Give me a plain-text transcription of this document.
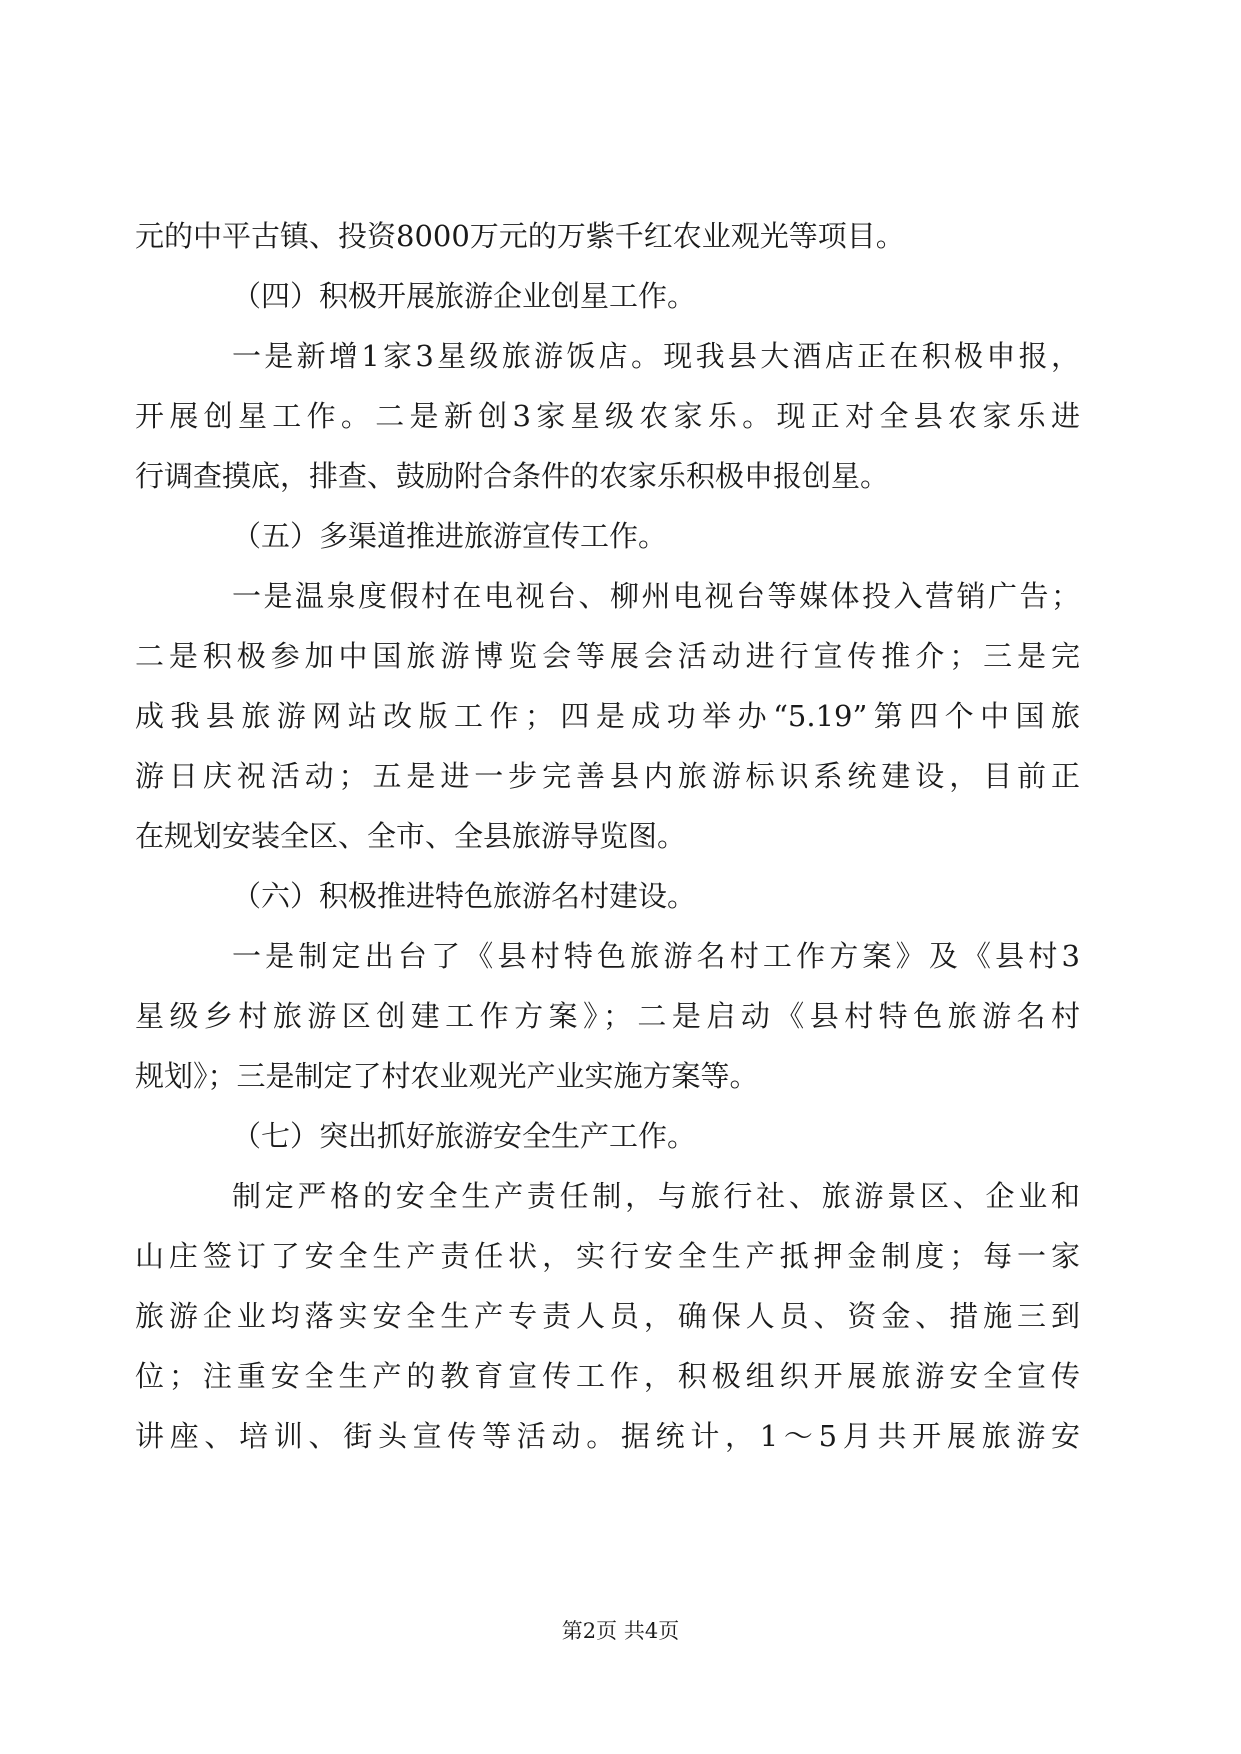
元的中平古镇、投资8000万元的万紫千红农业观光等项目。
（四）积极开展旅游企业创星工作。
一是新增1家3星级旅游饭店。现我县大酒店正在积极申报，
开展创星工作。二是新创3家星级农家乐。现正对全县农家乐进
行调查摸底，排查、鼓励附合条件的农家乐积极申报创星。
（五）多渠道推进旅游宣传工作。
一是温泉度假村在电视台、柳州电视台等媒体投入营销广告；
二是积极参加中国旅游博览会等展会活动进行宣传推介；三是完
成我县旅游网站改版工作；四是成功举办“5.19”第四个中国旅
游日庆祝活动；五是进一步完善县内旅游标识系统建设，目前正
在规划安装全区、全市、全县旅游导览图。
（六）积极推进特色旅游名村建设。
一是制定出台了《县村特色旅游名村工作方案》及《县村3
星级乡村旅游区创建工作方案》；二是启动《县村特色旅游名村
规划》；三是制定了村农业观光产业实施方案等。
（七）突出抓好旅游安全生产工作。
制定严格的安全生产责任制，与旅行社、旅游景区、企业和
山庄签订了安全生产责任状，实行安全生产抵押金制度；每一家
旅游企业均落实安全生产专责人员，确保人员、资金、措施三到
位；注重安全生产的教育宣传工作，积极组织开展旅游安全宣传
讲座、培训、街头宣传等活动。据统计，1～5月共开展旅游安
第2页 共4页
